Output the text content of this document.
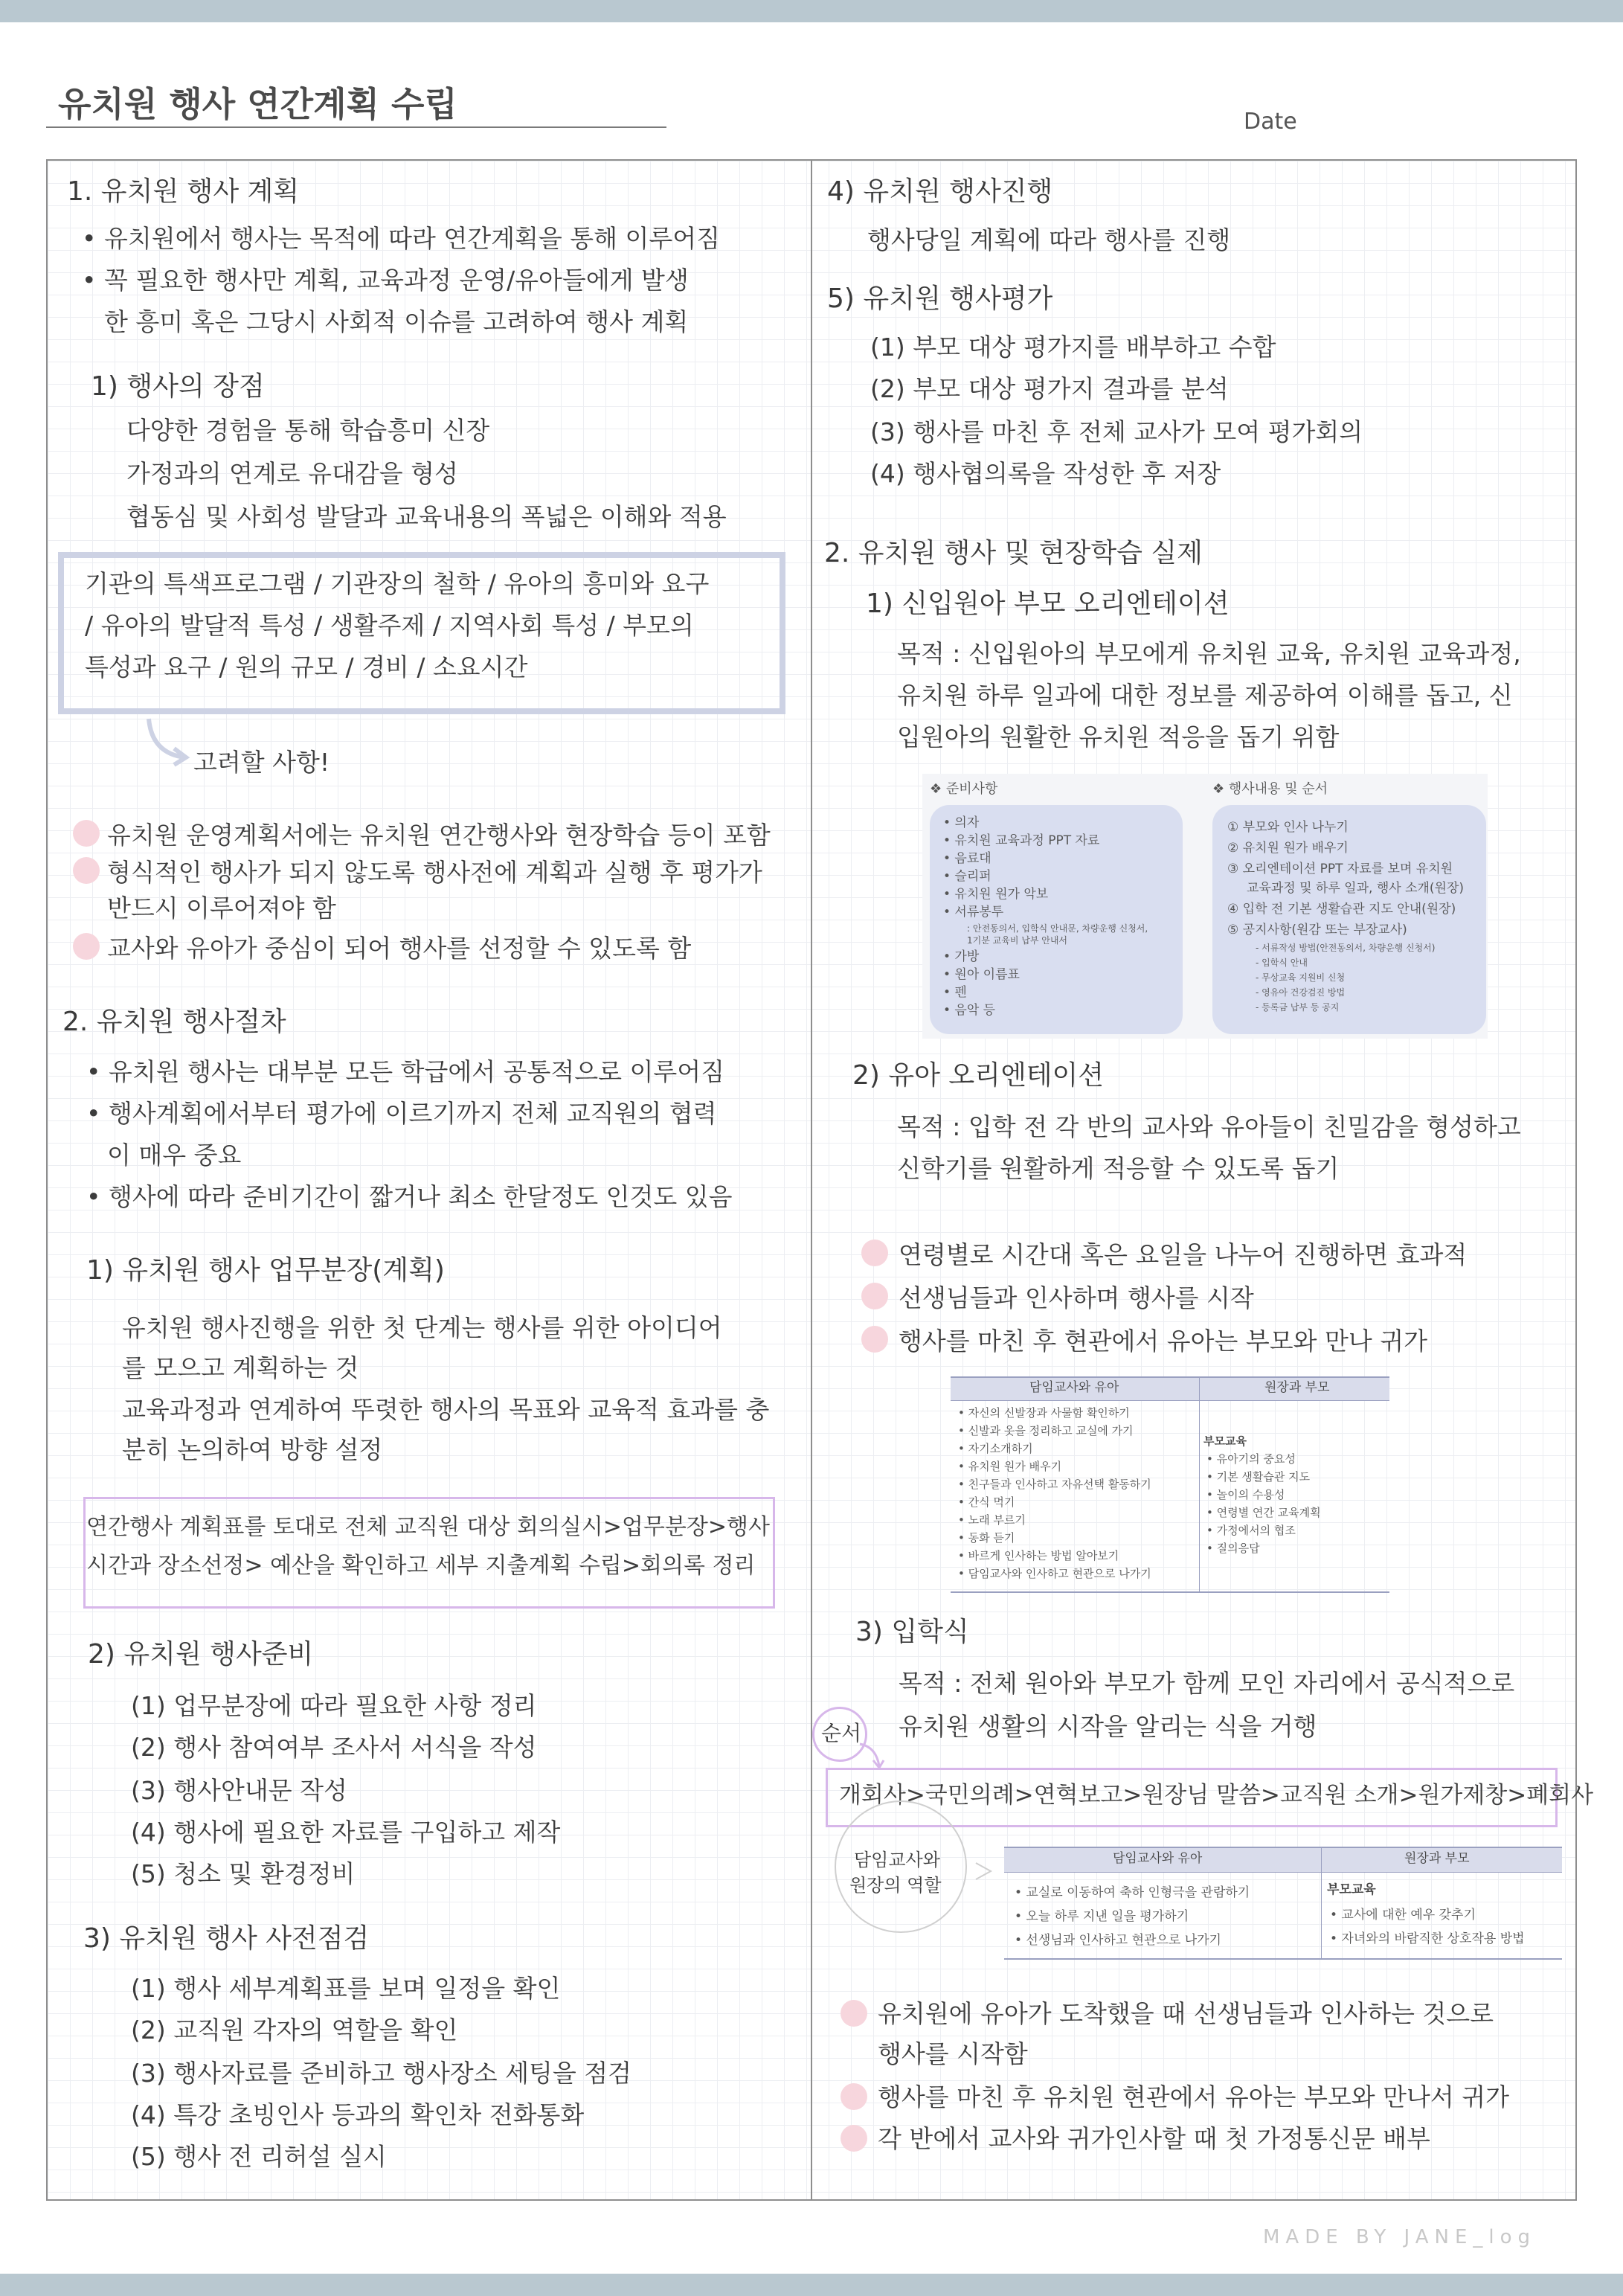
유치원 행사 연간계획 수립	Date
1. 유치원 행사 계획
• 유치원에서 행사는 목적에 따라 연간계획을 통해 이루어짐
• 꼭 필요한 행사만 계획, 교육과정 운영/유아들에게 발생
한 흥미 혹은 그당시 사회적 이슈를 고려하여 행사 계획
1) 행사의 장점
다양한 경험을 통해 학습흥미 신장
가정과의 연계로 유대감을 형성
협동심 및 사회성 발달과 교육내용의 폭넓은 이해와 적용
기관의 특색프로그램 / 기관장의 철학 / 유아의 흥미와 요구
/ 유아의 발달적 특성 / 생활주제 / 지역사회 특성 / 부모의
특성과 요구 / 원의 규모 / 경비 / 소요시간
고려할 사항!
유치원 운영계획서에는 유치원 연간행사와 현장학습 등이 포함
형식적인 행사가 되지 않도록 행사전에 계획과 실행 후 평가가
반드시 이루어져야 함
교사와 유아가 중심이 되어 행사를 선정할 수 있도록 함
2. 유치원 행사절차
• 유치원 행사는 대부분 모든 학급에서 공통적으로 이루어짐
• 행사계획에서부터 평가에 이르기까지 전체 교직원의 협력
이 매우 중요
• 행사에 따라 준비기간이 짧거나 최소 한달정도 인것도 있음
1) 유치원 행사 업무분장(계획)
유치원 행사진행을 위한 첫 단계는 행사를 위한 아이디어
를 모으고 계획하는 것
교육과정과 연계하여 뚜렷한 행사의 목표와 교육적 효과를 충
분히 논의하여 방향 설정
연간행사 계획표를 토대로 전체 교직원 대상 회의실시>업무분장>행사
시간과 장소선정> 예산을 확인하고 세부 지출계획 수립>회의록 정리
2) 유치원 행사준비
(1) 업무분장에 따라 필요한 사항 정리
(2) 행사 참여여부 조사서 서식을 작성
(3) 행사안내문 작성
(4) 행사에 필요한 자료를 구입하고 제작
(5) 청소 및 환경정비
3) 유치원 행사 사전점검
(1) 행사 세부계획표를 보며 일정을 확인
(2) 교직원 각자의 역할을 확인
(3) 행사자료를 준비하고 행사장소 세팅을 점검
(4) 특강 초빙인사 등과의 확인차 전화통화
(5) 행사 전 리허설 실시
4) 유치원 행사진행
행사당일 계획에 따라 행사를 진행
5) 유치원 행사평가
(1) 부모 대상 평가지를 배부하고 수합
(2) 부모 대상 평가지 결과를 분석
(3) 행사를 마친 후 전체 교사가 모여 평가회의
(4) 행사협의록을 작성한 후 저장
2. 유치원 행사 및 현장학습 실제
1) 신입원아 부모 오리엔테이션
목적 : 신입원아의 부모에게 유치원 교육, 유치원 교육과정,
유치원 하루 일과에 대한 정보를 제공하여 이해를 돕고, 신
입원아의 원활한 유치원 적응을 돕기 위함
❖ 준비사항	❖ 행사내용 및 순서
• 의자
• 유치원 교육과정 PPT 자료
• 음료대
• 슬리퍼
• 유치원 원가 악보
• 서류봉투
: 안전동의서, 입학식 안내문, 차량운행 신청서,
1기분 교육비 납부 안내서
• 가방
• 원아 이름표
• 펜
• 음악 등
① 부모와 인사 나누기
② 유치원 원가 배우기
③ 오리엔테이션 PPT 자료를 보며 유치원
교육과정 및 하루 일과, 행사 소개(원장)
④ 입학 전 기본 생활습관 지도 안내(원장)
⑤ 공지사항(원감 또는 부장교사)
- 서류작성 방법(안전동의서, 차량운행 신청서)
- 입학식 안내
- 무상교육 지원비 신청
- 영유아 건강검진 방법
- 등록금 납부 등 공지
2) 유아 오리엔테이션
목적 : 입학 전 각 반의 교사와 유아들이 친밀감을 형성하고
신학기를 원활하게 적응할 수 있도록 돕기
연령별로 시간대 혹은 요일을 나누어 진행하면 효과적
선생님들과 인사하며 행사를 시작
행사를 마친 후 현관에서 유아는 부모와 만나 귀가
담임교사와 유아	원장과 부모
• 자신의 신발장과 사물함 확인하기
• 신발과 옷을 정리하고 교실에 가기
• 자기소개하기
• 유치원 원가 배우기
• 친구들과 인사하고 자유선택 활동하기
• 간식 먹기
• 노래 부르기
• 동화 듣기
• 바르게 인사하는 방법 알아보기
• 담임교사와 인사하고 현관으로 나가기
부모교육
• 유아기의 중요성
• 기본 생활습관 지도
• 놀이의 수용성
• 연령별 연간 교육계획
• 가정에서의 협조
• 질의응답
3) 입학식
목적 : 전체 원아와 부모가 함께 모인 자리에서 공식적으로
유치원 생활의 시작을 알리는 식을 거행
순서
개회사>국민의례>연혁보고>원장님 말씀>교직원 소개>원가제창>폐회사
담임교사와
원장의 역할
담임교사와 유아	원장과 부모
• 교실로 이동하여 축하 인형극을 관람하기
• 오늘 하루 지낸 일을 평가하기
• 선생님과 인사하고 현관으로 나가기
부모교육
• 교사에 대한 예우 갖추기
• 자녀와의 바람직한 상호작용 방법
유치원에 유아가 도착했을 때 선생님들과 인사하는 것으로
행사를 시작함
행사를 마친 후 유치원 현관에서 유아는 부모와 만나서 귀가
각 반에서 교사와 귀가인사할 때 첫 가정통신문 배부
MADE BY JANE_log
